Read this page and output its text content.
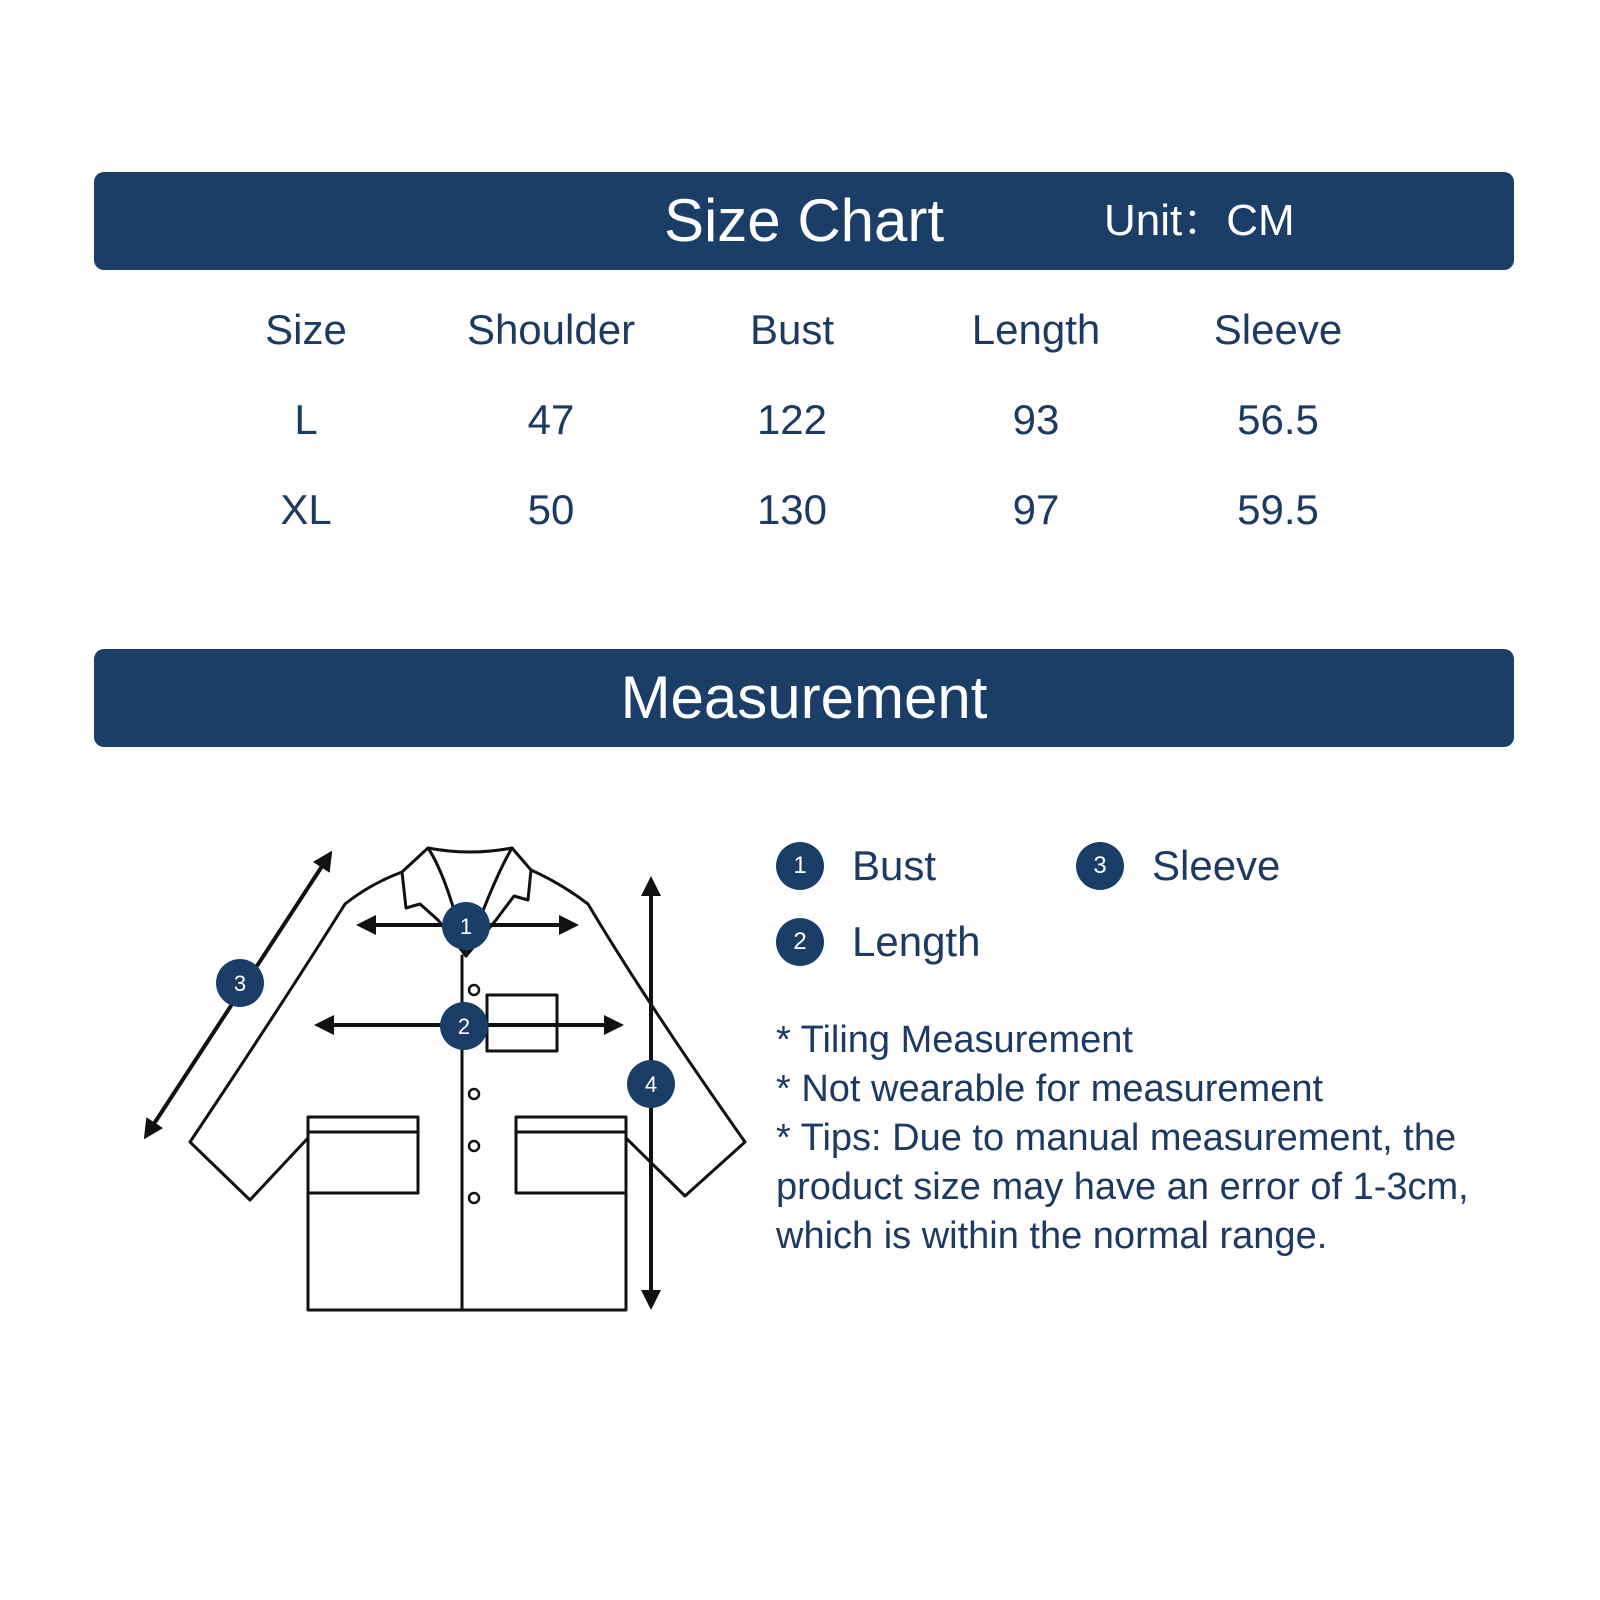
Size Chart	Unit：CM
Size	Shoulder	Bust	Length	Sleeve
L	47	122	93	56.5
XL	50	130	97	59.5
Measurement
1
2
3
4
1	Bust
2	Length
3	Sleeve
* Tiling Measurement
* Not wearable for measurement
* Tips: Due to manual measurement, the product size may have an error of 1-3cm, which is within the normal range.
